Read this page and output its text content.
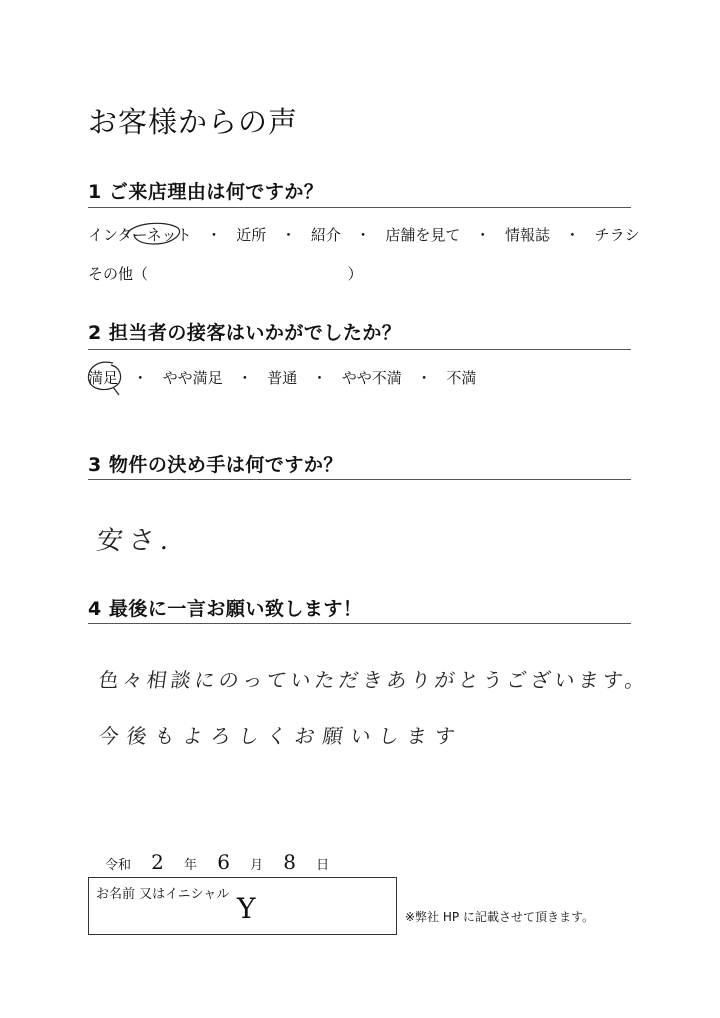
お客様からの声
1 ご来店理由は何ですか？
インターネット ・ 近所 ・ 紹介 ・ 店舗を見て ・ 情報誌 ・ チラシ
その他（	）
2 担当者の接客はいかがでしたか？
満足 ・ やや満足 ・ 普通 ・ やや不満 ・ 不満
3 物件の決め手は何ですか？
安さ.
4 最後に一言お願い致します！
色々相談にのっていただきありがとうございます。
今後もよろしくお願いします
令和 2 年 6 月 8 日
お名前 又はイニシャル Y	※弊社 HP に記載させて頂きます。
